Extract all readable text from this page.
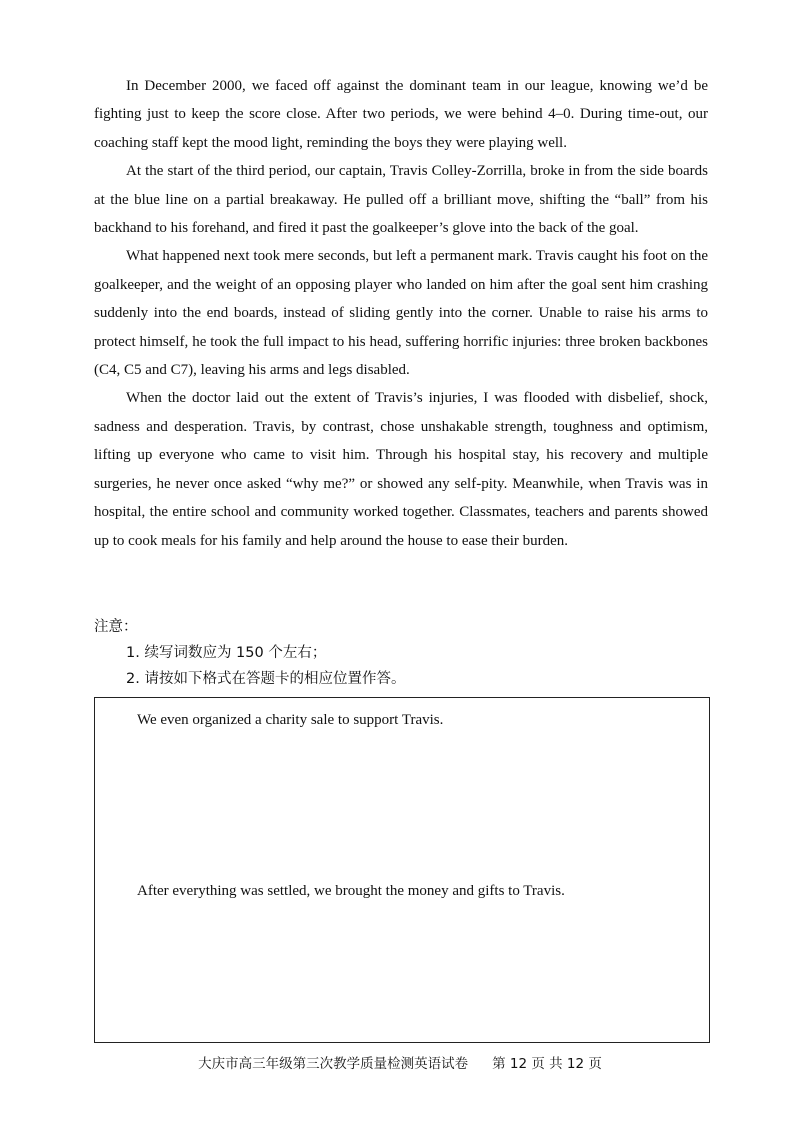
In December 2000, we faced off against the dominant team in our league, knowing we’d be fighting just to keep the score close. After two periods, we were behind 4–0. During time-out, our coaching staff kept the mood light, reminding the boys they were playing well.

At the start of the third period, our captain, Travis Colley-Zorrilla, broke in from the side boards at the blue line on a partial breakaway. He pulled off a brilliant move, shifting the “ball” from his backhand to his forehand, and fired it past the goalkeeper’s glove into the back of the goal.

What happened next took mere seconds, but left a permanent mark. Travis caught his foot on the goalkeeper, and the weight of an opposing player who landed on him after the goal sent him crashing suddenly into the end boards, instead of sliding gently into the corner. Unable to raise his arms to protect himself, he took the full impact to his head, suffering horrific injuries: three broken backbones (C4, C5 and C7), leaving his arms and legs disabled.

When the doctor laid out the extent of Travis’s injuries, I was flooded with disbelief, shock, sadness and desperation. Travis, by contrast, chose unshakable strength, toughness and optimism, lifting up everyone who came to visit him. Through his hospital stay, his recovery and multiple surgeries, he never once asked “why me?” or showed any self-pity. Meanwhile, when Travis was in hospital, the entire school and community worked together. Classmates, teachers and parents showed up to cook meals for his family and help around the house to ease their burden.

注意：
1. 续写词数应为 150 个左右；
2. 请按如下格式在答题卡的相应位置作答。
We even organized a charity sale to support Travis.
After everything was settled, we brought the money and gifts to Travis.
大庆市高三年级第三次教学质量检测英语试卷 第 12 页 共 12 页
